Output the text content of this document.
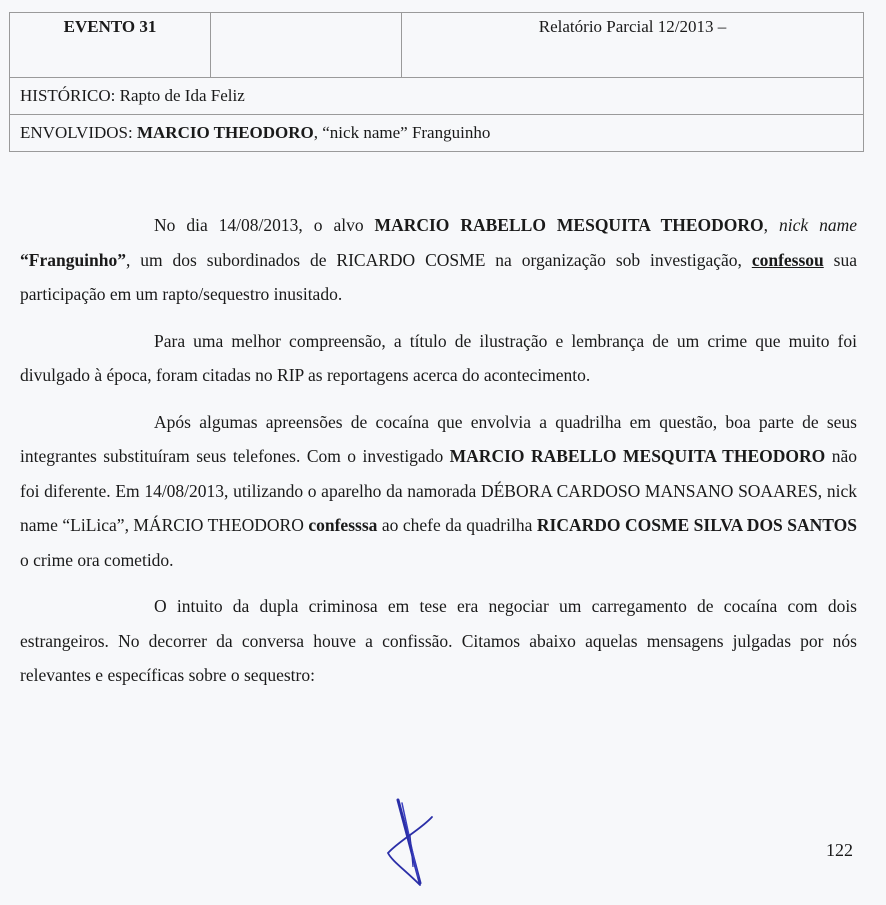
EVENTO 31		Relatório Parcial 12/2013 –
HISTÓRICO: Rapto de Ida Feliz
ENVOLVIDOS: MARCIO THEODORO, “nick name” Franguinho

No dia 14/08/2013, o alvo MARCIO RABELLO MESQUITA THEODORO, nick name “Franguinho”, um dos subordinados de RICARDO COSME na organização sob investigação, confessou sua participação em um rapto/sequestro inusitado.

Para uma melhor compreensão, a título de ilustração e lembrança de um crime que muito foi divulgado à época, foram citadas no RIP as reportagens acerca do acontecimento.

Após algumas apreensões de cocaína que envolvia a quadrilha em questão, boa parte de seus integrantes substituíram seus telefones. Com o investigado MARCIO RABELLO MESQUITA THEODORO não foi diferente. Em 14/08/2013, utilizando o aparelho da namorada DÉBORA CARDOSO MANSANO SOAARES, nick name “LiLica”, MÁRCIO THEODORO confesssa ao chefe da quadrilha RICARDO COSME SILVA DOS SANTOS o crime ora cometido.

O intuito da dupla criminosa em tese era negociar um carregamento de cocaína com dois estrangeiros. No decorrer da conversa houve a confissão. Citamos abaixo aquelas mensagens julgadas por nós relevantes e específicas sobre o sequestro:

122
